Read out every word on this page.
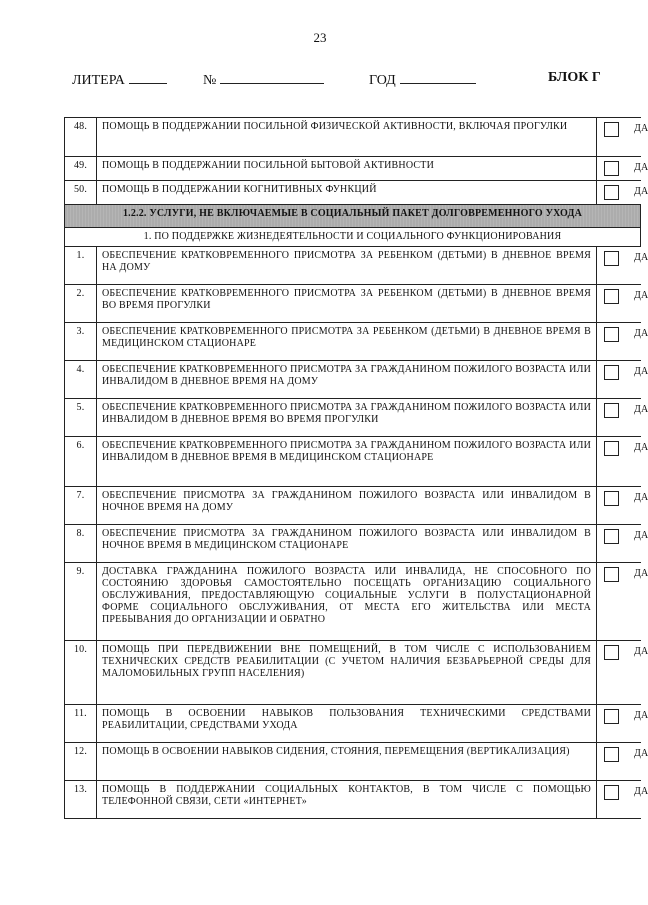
23
ЛИТЕРА	№	ГОД	БЛОК Г
48.	ПОМОЩЬ В ПОДДЕРЖАНИИ ПОСИЛЬНОЙ ФИЗИЧЕСКОЙ АКТИВНОСТИ, ВКЛЮЧАЯ ПРОГУЛКИ	ДА

49.	ПОМОЩЬ В ПОДДЕРЖАНИИ ПОСИЛЬНОЙ БЫТОВОЙ АКТИВНОСТИ	ДА

50.	ПОМОЩЬ В ПОДДЕРЖАНИИ КОГНИТИВНЫХ ФУНКЦИЙ	ДА

1.2.2. УСЛУГИ, НЕ ВКЛЮЧАЕМЫЕ В СОЦИАЛЬНЫЙ ПАКЕТ ДОЛГОВРЕМЕННОГО УХОДА		
1. ПО ПОДДЕРЖКЕ ЖИЗНЕДЕЯТЕЛЬНОСТИ И СОЦИАЛЬНОГО ФУНКЦИОНИРОВАНИЯ		
1.	ОБЕСПЕЧЕНИЕ КРАТКОВРЕМЕННОГО ПРИСМОТРА ЗА РЕБЕНКОМ (ДЕТЬМИ) В ДНЕВНОЕ ВРЕМЯ НА ДОМУ	ДА

2.	ОБЕСПЕЧЕНИЕ КРАТКОВРЕМЕННОГО ПРИСМОТРА ЗА РЕБЕНКОМ (ДЕТЬМИ) В ДНЕВНОЕ ВРЕМЯ ВО ВРЕМЯ ПРОГУЛКИ	ДА

3.	ОБЕСПЕЧЕНИЕ КРАТКОВРЕМЕННОГО ПРИСМОТРА ЗА РЕБЕНКОМ (ДЕТЬМИ) В ДНЕВНОЕ ВРЕМЯ В МЕДИЦИНСКОМ СТАЦИОНАРЕ	ДА

4.	ОБЕСПЕЧЕНИЕ КРАТКОВРЕМЕННОГО ПРИСМОТРА ЗА ГРАЖДАНИНОМ ПОЖИЛОГО ВОЗРАСТА ИЛИ ИНВАЛИДОМ В ДНЕВНОЕ ВРЕМЯ НА ДОМУ	ДА

5.	ОБЕСПЕЧЕНИЕ КРАТКОВРЕМЕННОГО ПРИСМОТРА ЗА ГРАЖДАНИНОМ ПОЖИЛОГО ВОЗРАСТА ИЛИ ИНВАЛИДОМ В ДНЕВНОЕ ВРЕМЯ ВО ВРЕМЯ ПРОГУЛКИ	ДА

6.	ОБЕСПЕЧЕНИЕ КРАТКОВРЕМЕННОГО ПРИСМОТРА ЗА ГРАЖДАНИНОМ ПОЖИЛОГО ВОЗРАСТА ИЛИ ИНВАЛИДОМ В ДНЕВНОЕ ВРЕМЯ В МЕДИЦИНСКОМ СТАЦИОНАРЕ	ДА

7.	ОБЕСПЕЧЕНИЕ ПРИСМОТРА ЗА ГРАЖДАНИНОМ ПОЖИЛОГО ВОЗРАСТА ИЛИ ИНВАЛИДОМ В НОЧНОЕ ВРЕМЯ НА ДОМУ	ДА

8.	ОБЕСПЕЧЕНИЕ ПРИСМОТРА ЗА ГРАЖДАНИНОМ ПОЖИЛОГО ВОЗРАСТА ИЛИ ИНВАЛИДОМ В НОЧНОЕ ВРЕМЯ В МЕДИЦИНСКОМ СТАЦИОНАРЕ	ДА

9.	ДОСТАВКА ГРАЖДАНИНА ПОЖИЛОГО ВОЗРАСТА ИЛИ ИНВАЛИДА, НЕ СПОСОБНОГО ПО СОСТОЯНИЮ ЗДОРОВЬЯ САМОСТОЯТЕЛЬНО ПОСЕЩАТЬ ОРГАНИЗАЦИЮ СОЦИАЛЬНОГО ОБСЛУЖИВАНИЯ, ПРЕДОСТАВЛЯЮЩУЮ СОЦИАЛЬНЫЕ УСЛУГИ В ПОЛУСТАЦИОНАРНОЙ ФОРМЕ СОЦИАЛЬНОГО ОБСЛУЖИВАНИЯ, ОТ МЕСТА ЕГО ЖИТЕЛЬСТВА ИЛИ МЕСТА ПРЕБЫВАНИЯ ДО ОРГАНИЗАЦИИ И ОБРАТНО	ДА

10.	ПОМОЩЬ ПРИ ПЕРЕДВИЖЕНИИ ВНЕ ПОМЕЩЕНИЙ, В ТОМ ЧИСЛЕ С ИСПОЛЬЗОВАНИЕМ ТЕХНИЧЕСКИХ СРЕДСТВ РЕАБИЛИТАЦИИ (С УЧЕТОМ НАЛИЧИЯ БЕЗБАРЬЕРНОЙ СРЕДЫ ДЛЯ МАЛОМОБИЛЬНЫХ ГРУПП НАСЕЛЕНИЯ)	ДА

11.	ПОМОЩЬ В ОСВОЕНИИ НАВЫКОВ ПОЛЬЗОВАНИЯ ТЕХНИЧЕСКИМИ СРЕДСТВАМИ РЕАБИЛИТАЦИИ, СРЕДСТВАМИ УХОДА	ДА

12.	ПОМОЩЬ В ОСВОЕНИИ НАВЫКОВ СИДЕНИЯ, СТОЯНИЯ, ПЕРЕМЕЩЕНИЯ (ВЕРТИКАЛИЗАЦИЯ)	ДА

13.	ПОМОЩЬ В ПОДДЕРЖАНИИ СОЦИАЛЬНЫХ КОНТАКТОВ, В ТОМ ЧИСЛЕ С ПОМОЩЬЮ ТЕЛЕФОННОЙ СВЯЗИ, СЕТИ «ИНТЕРНЕТ»	ДА
